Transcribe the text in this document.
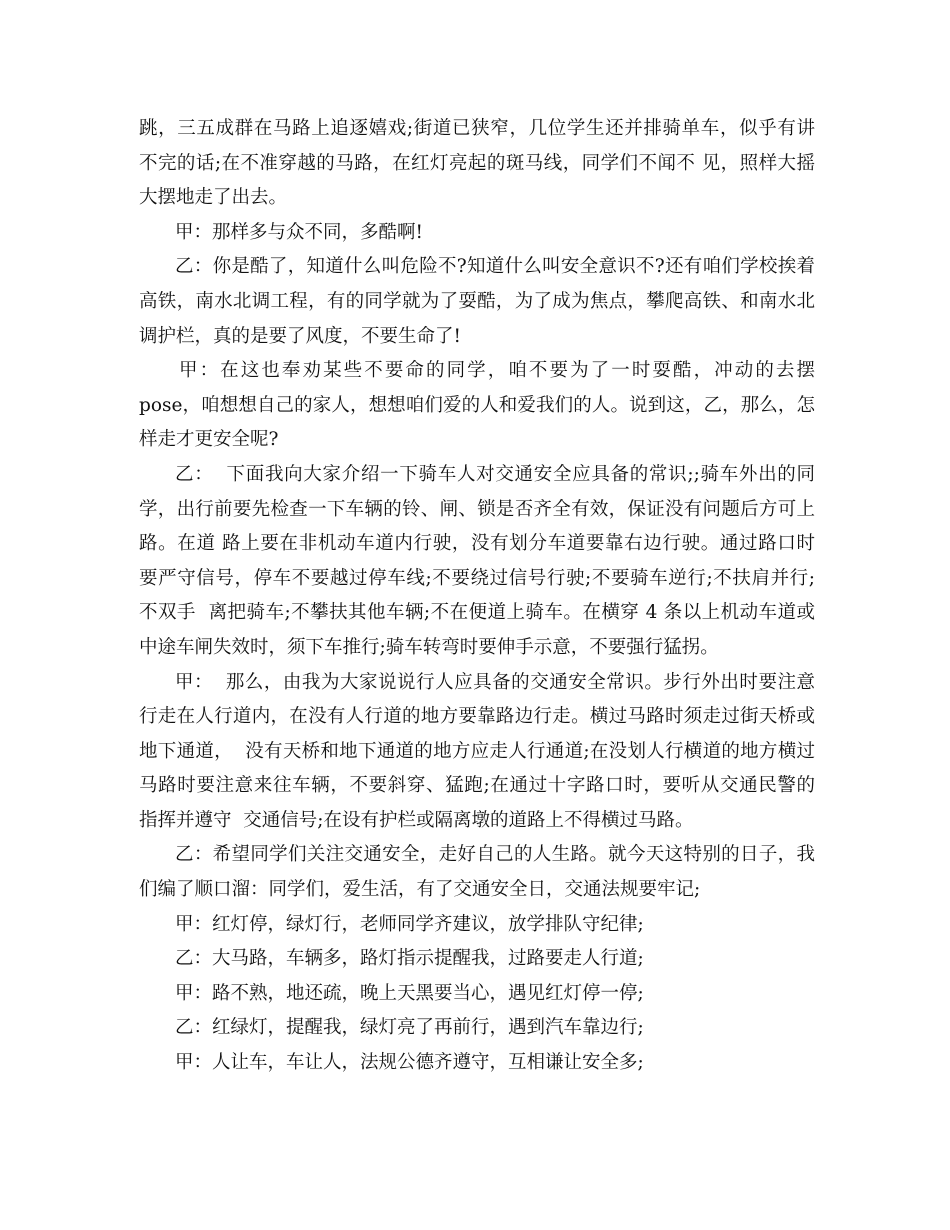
跳，三五成群在马路上追逐嬉戏;街道已狭窄，几位学生还并排骑单车，似乎有讲
不完的话;在不准穿越的马路，在红灯亮起的斑马线，同学们不闻不 见，照样大摇
大摆地走了出去。
甲：那样多与众不同，多酷啊!
乙：你是酷了，知道什么叫危险不?知道什么叫安全意识不?还有咱们学校挨着
高铁，南水北调工程，有的同学就为了耍酷，为了成为焦点，攀爬高铁、和南水北
调护栏，真的是要了风度，不要生命了!
甲：在这也奉劝某些不要命的同学，咱不要为了一时耍酷，冲动的去摆
pose，咱想想自己的家人，想想咱们爱的人和爱我们的人。说到这，乙，那么，怎
样走才更安全呢?
乙：  下面我向大家介绍一下骑车人对交通安全应具备的常识;;骑车外出的同
学，出行前要先检查一下车辆的铃、闸、锁是否齐全有效，保证没有问题后方可上
路。在道 路上要在非机动车道内行驶，没有划分车道要靠右边行驶。通过路口时
要严守信号，停车不要越过停车线;不要绕过信号行驶;不要骑车逆行;不扶肩并行;
不双手  离把骑车;不攀扶其他车辆;不在便道上骑车。在横穿 4 条以上机动车道或
中途车闸失效时，须下车推行;骑车转弯时要伸手示意，不要强行猛拐。
甲：  那么，由我为大家说说行人应具备的交通安全常识。步行外出时要注意
行走在人行道内，在没有人行道的地方要靠路边行走。横过马路时须走过街天桥或
地下通道，  没有天桥和地下通道的地方应走人行通道;在没划人行横道的地方横过
马路时要注意来往车辆，不要斜穿、猛跑;在通过十字路口时，要听从交通民警的
指挥并遵守  交通信号;在设有护栏或隔离墩的道路上不得横过马路。
乙：希望同学们关注交通安全，走好自己的人生路。就今天这特别的日子，我
们编了顺口溜：同学们，爱生活，有了交通安全日，交通法规要牢记;
甲：红灯停，绿灯行，老师同学齐建议，放学排队守纪律;
乙：大马路，车辆多，路灯指示提醒我，过路要走人行道;
甲：路不熟，地还疏，晚上天黑要当心，遇见红灯停一停;
乙：红绿灯，提醒我，绿灯亮了再前行，遇到汽车靠边行;
甲：人让车，车让人，法规公德齐遵守，互相谦让安全多;
